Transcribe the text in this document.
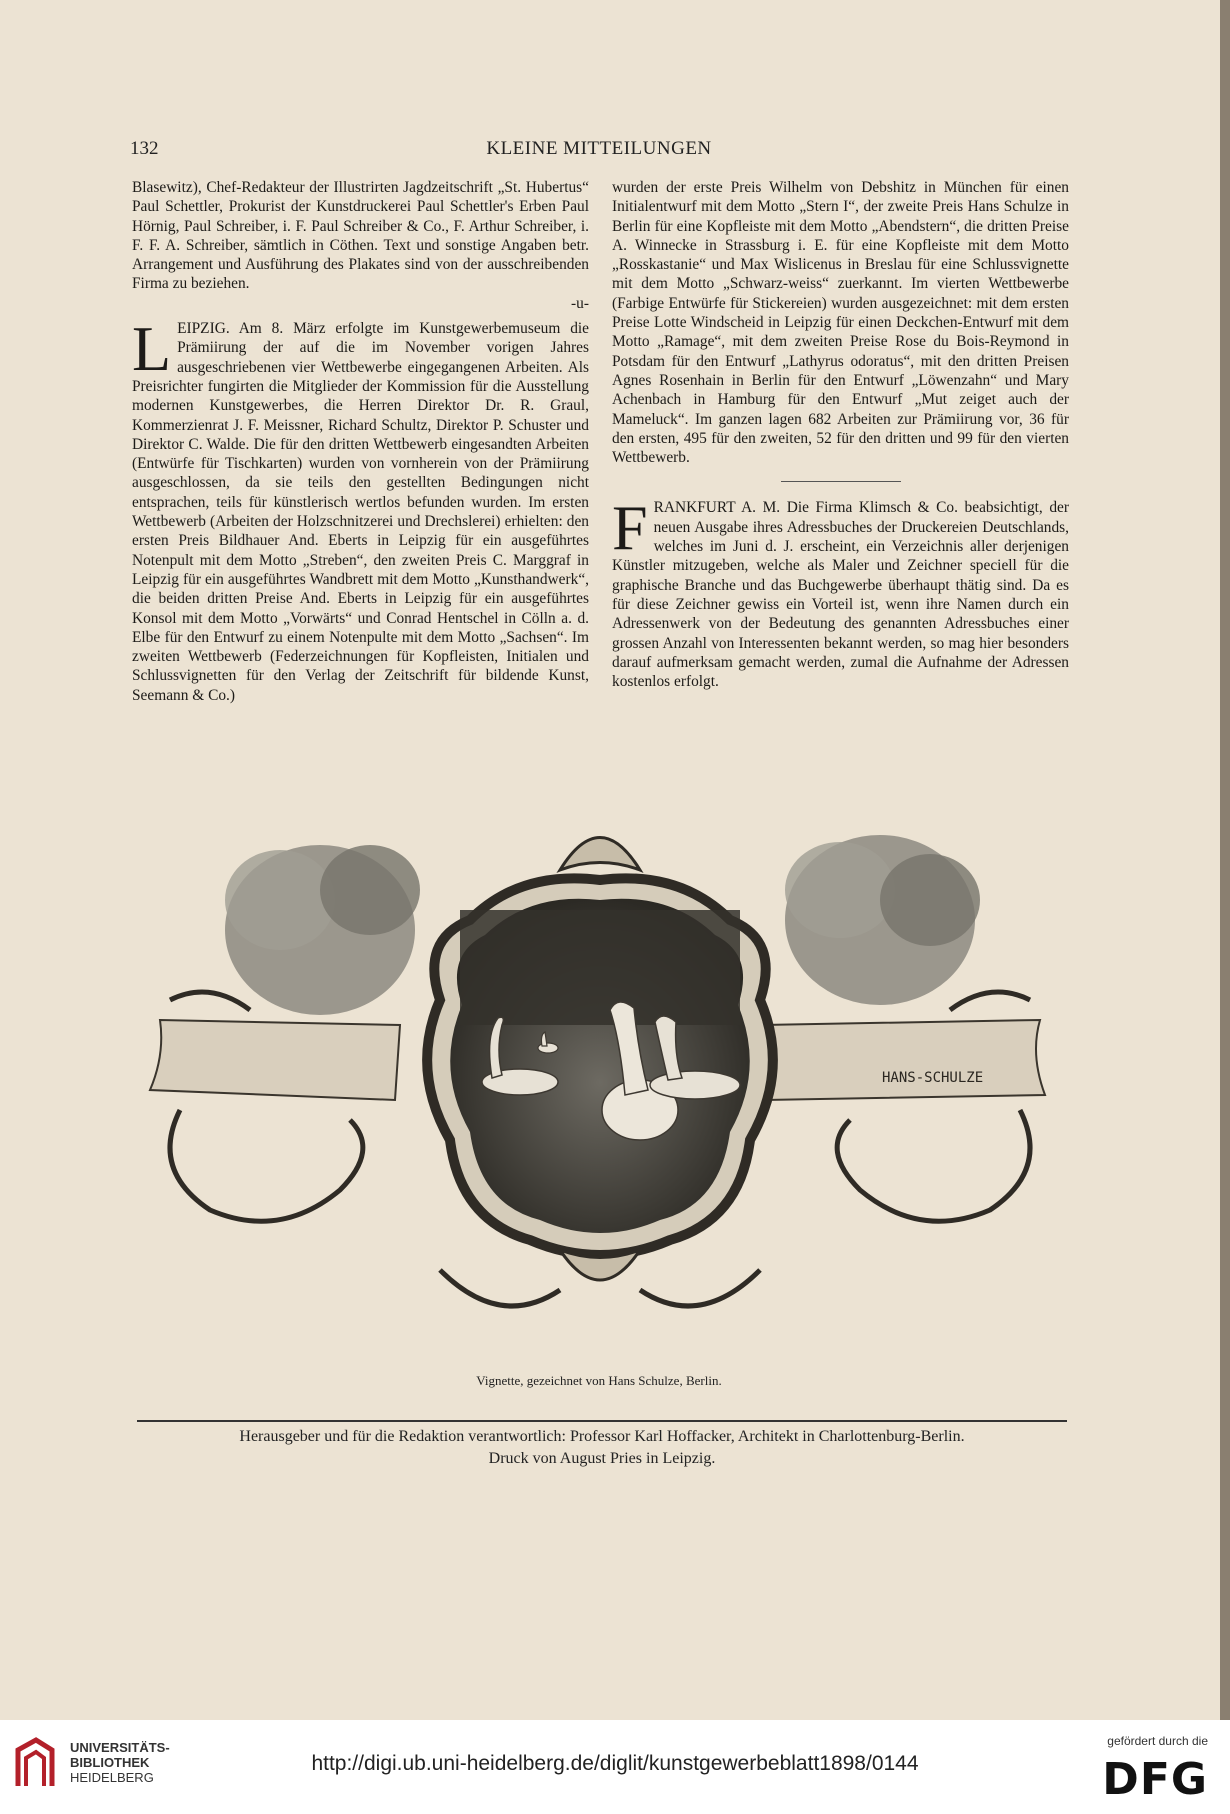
132	KLEINE MITTEILUNGEN

Blasewitz), Chef-Redakteur der Illustrirten Jagdzeitschrift „St. Hubertus“ Paul Schettler, Prokurist der Kunstdruckerei Paul Schettler's Erben Paul Hörnig, Paul Schreiber, i. F. Paul Schreiber & Co., F. Arthur Schreiber, i. F. F. A. Schreiber, sämtlich in Cöthen. Text und sonstige Angaben betr. Arrangement und Ausführung des Plakates sind von der ausschreibenden Firma zu beziehen.

-u-

LEIPZIG. Am 8. März erfolgte im Kunstgewerbemuseum die Prämiirung der auf die im November vorigen Jahres ausgeschriebenen vier Wettbewerbe eingegangenen Arbeiten. Als Preisrichter fungirten die Mitglieder der Kommission für die Ausstellung modernen Kunstgewerbes, die Herren Direktor Dr. R. Graul, Kommerzienrat J. F. Meissner, Richard Schultz, Direktor P. Schuster und Direktor C. Walde. Die für den dritten Wettbewerb eingesandten Arbeiten (Entwürfe für Tischkarten) wurden von vornherein von der Prämiirung ausgeschlossen, da sie teils den gestellten Bedingungen nicht entsprachen, teils für künstlerisch wertlos befunden wurden. Im ersten Wettbewerb (Arbeiten der Holzschnitzerei und Drechslerei) erhielten: den ersten Preis Bildhauer And. Eberts in Leipzig für ein ausgeführtes Notenpult mit dem Motto „Streben“, den zweiten Preis C. Marggraf in Leipzig für ein ausgeführtes Wandbrett mit dem Motto „Kunsthandwerk“, die beiden dritten Preise And. Eberts in Leipzig für ein ausgeführtes Konsol mit dem Motto „Vorwärts“ und Conrad Hentschel in Cölln a. d. Elbe für den Entwurf zu einem Notenpulte mit dem Motto „Sachsen“. Im zweiten Wettbewerb (Federzeichnungen für Kopfleisten, Initialen und Schlussvignetten für den Verlag der Zeitschrift für bildende Kunst, Seemann & Co.)

wurden der erste Preis Wilhelm von Debshitz in München für einen Initialentwurf mit dem Motto „Stern I“, der zweite Preis Hans Schulze in Berlin für eine Kopfleiste mit dem Motto „Abendstern“, die dritten Preise A. Winnecke in Strassburg i. E. für eine Kopfleiste mit dem Motto „Rosskastanie“ und Max Wislicenus in Breslau für eine Schlussvignette mit dem Motto „Schwarz-weiss“ zuerkannt. Im vierten Wettbewerbe (Farbige Entwürfe für Stickereien) wurden ausgezeichnet: mit dem ersten Preise Lotte Windscheid in Leipzig für einen Deckchen-Entwurf mit dem Motto „Ramage“, mit dem zweiten Preise Rose du Bois-Reymond in Potsdam für den Entwurf „Lathyrus odoratus“, mit den dritten Preisen Agnes Rosenhain in Berlin für den Entwurf „Löwenzahn“ und Mary Achenbach in Hamburg für den Entwurf „Mut zeiget auch der Mameluck“. Im ganzen lagen 682 Arbeiten zur Prämiirung vor, 36 für den ersten, 495 für den zweiten, 52 für den dritten und 99 für den vierten Wettbewerb.

FRANKFURT A. M. Die Firma Klimsch & Co. beabsichtigt, der neuen Ausgabe ihres Adressbuches der Druckereien Deutschlands, welches im Juni d. J. erscheint, ein Verzeichnis aller derjenigen Künstler mitzugeben, welche als Maler und Zeichner speciell für die graphische Branche und das Buchgewerbe überhaupt thätig sind. Da es für diese Zeichner gewiss ein Vorteil ist, wenn ihre Namen durch ein Adressenwerk von der Bedeutung des genannten Adressbuches einer grossen Anzahl von Interessenten bekannt werden, so mag hier besonders darauf aufmerksam gemacht werden, zumal die Aufnahme der Adressen kostenlos erfolgt.

HANS-SCHULZE
Vignette, gezeichnet von Hans Schulze, Berlin.
Herausgeber und für die Redaktion verantwortlich: Professor Karl Hoffacker, Architekt in Charlottenburg-Berlin.
Druck von August Pries in Leipzig.
UNIVERSITÄTS-
BIBLIOTHEK
HEIDELBERG
http://digi.ub.uni-heidelberg.de/diglit/kunstgewerbeblatt1898/0144
gefördert durch die
DFG
